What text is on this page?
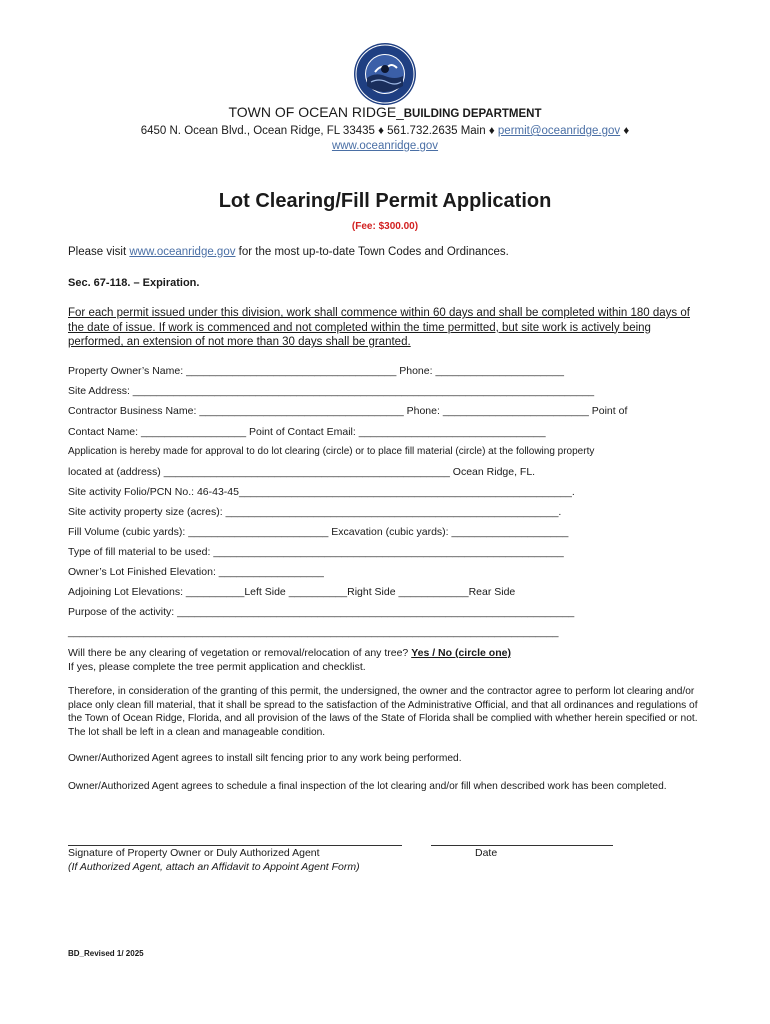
TOWN OF OCEAN RIDGE_BUILDING DEPARTMENT
6450 N. Ocean Blvd., Ocean Ridge, FL 33435 ♦ 561.732.2635 Main ♦ permit@oceanridge.gov ♦
www.oceanridge.gov
Lot Clearing/Fill Permit Application
(Fee: $300.00)
Please visit www.oceanridge.gov for the most up-to-date Town Codes and Ordinances.
Sec. 67-118. – Expiration.
For each permit issued under this division, work shall commence within 60 days and shall be completed within 180 days of the date of issue. If work is commenced and not completed within the time permitted, but site work is actively being performed, an extension of not more than 30 days shall be granted.
Property Owner’s Name: ____________________________________ Phone: ______________________
Site Address: _______________________________________________________________________________
Contractor Business Name: ___________________________________ Phone: _________________________ Point of
Contact Name: __________________ Point of Contact Email: ________________________________
Application is hereby made for approval to do lot clearing (circle) or to place fill material (circle) at the following property
located at (address) _________________________________________________ Ocean Ridge, FL.
Site activity Folio/PCN No.: 46-43-45_________________________________________________________.
Site activity property size (acres): _________________________________________________________.
Fill Volume (cubic yards): ________________________ Excavation (cubic yards): ____________________
Type of fill material to be used: ____________________________________________________________
Owner’s Lot Finished Elevation: __________________
Adjoining Lot Elevations: __________Left Side __________Right Side ____________Rear Side
Purpose of the activity: ____________________________________________________________________
____________________________________________________________________________________
Will there be any clearing of vegetation or removal/relocation of any tree? Yes / No (circle one)
If yes, please complete the tree permit application and checklist.
Therefore, in consideration of the granting of this permit, the undersigned, the owner and the contractor agree to perform lot clearing and/or place only clean fill material, that it shall be spread to the satisfaction of the Administrative Official, and that all ordinances and regulations of the Town of Ocean Ridge, Florida, and all provision of the laws of the State of Florida shall be complied with whether herein specified or not. The lot shall be left in a clean and manageable condition.
Owner/Authorized Agent agrees to install silt fencing prior to any work being performed.
Owner/Authorized Agent agrees to schedule a final inspection of the lot clearing and/or fill when described work has been completed.
Signature of Property Owner or Duly Authorized Agent	Date
(If Authorized Agent, attach an Affidavit to Appoint Agent Form)
BD_Revised 1/ 2025
